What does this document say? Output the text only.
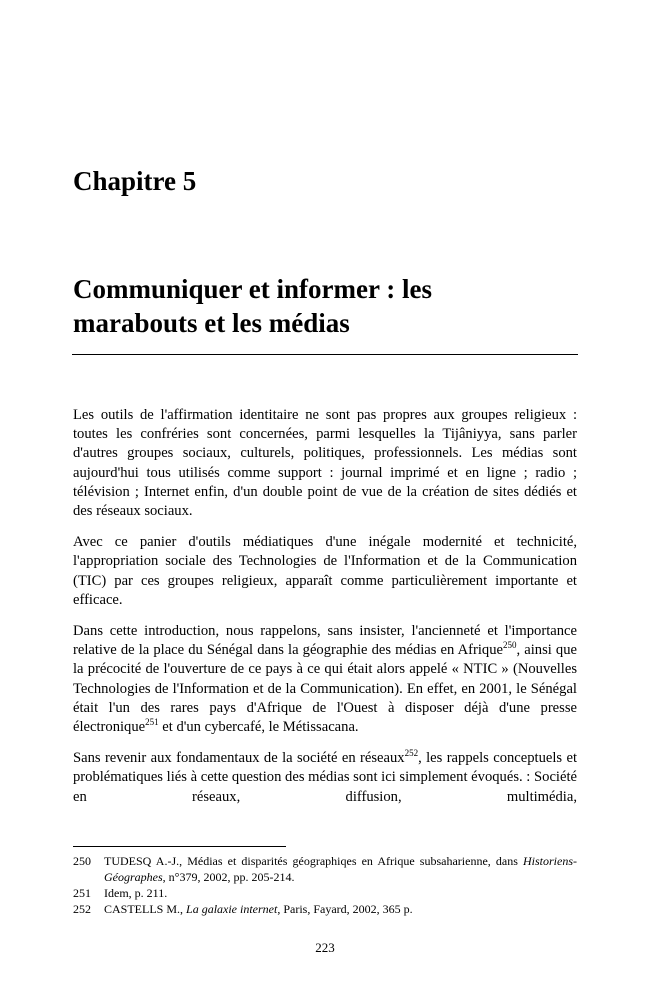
Chapitre 5
Communiquer et informer : les
marabouts et les médias

Les outils de l'affirmation identitaire ne sont pas propres aux groupes religieux : toutes les confréries sont concernées, parmi lesquelles la Tijâniyya, sans parler d'autres groupes sociaux, culturels, politiques, professionnels. Les médias sont aujourd'hui tous utilisés comme support : journal imprimé et en ligne ; radio ; télévision ; Internet enfin, d'un double point de vue de la création de sites dédiés et des réseaux sociaux.

Avec ce panier d'outils médiatiques d'une inégale modernité et technicité, l'appropriation sociale des Technologies de l'Information et de la Communication (TIC) par ces groupes religieux, apparaît comme particulièrement importante et efficace.

Dans cette introduction, nous rappelons, sans insister, l'ancienneté et l'importance relative de la place du Sénégal dans la géographie des médias en Afrique$^{250}$, ainsi que la précocité de l'ouverture de ce pays à ce qui était alors appelé « NTIC » (Nouvelles Technologies de l'Information et de la Communication). En effet, en 2001, le Sénégal était l'un des rares pays d'Afrique de l'Ouest à disposer déjà d'une presse électronique$^{251}$ et d'un cybercafé, le Métissacana.

Sans revenir aux fondamentaux de la société en réseaux$^{252}$, les rappels conceptuels et problématiques liés à cette question des médias sont ici simplement évoqués. : Société en réseaux, diffusion, multimédia,

250	TUDESQ A.-J., Médias et disparités géographiqes en Afrique subsaharienne, dans Historiens- Géographes, n°379, 2002, pp. 205-214.
251	Idem, p. 211.
252	CASTELLS M., La galaxie internet, Paris, Fayard, 2002, 365 p.
223
